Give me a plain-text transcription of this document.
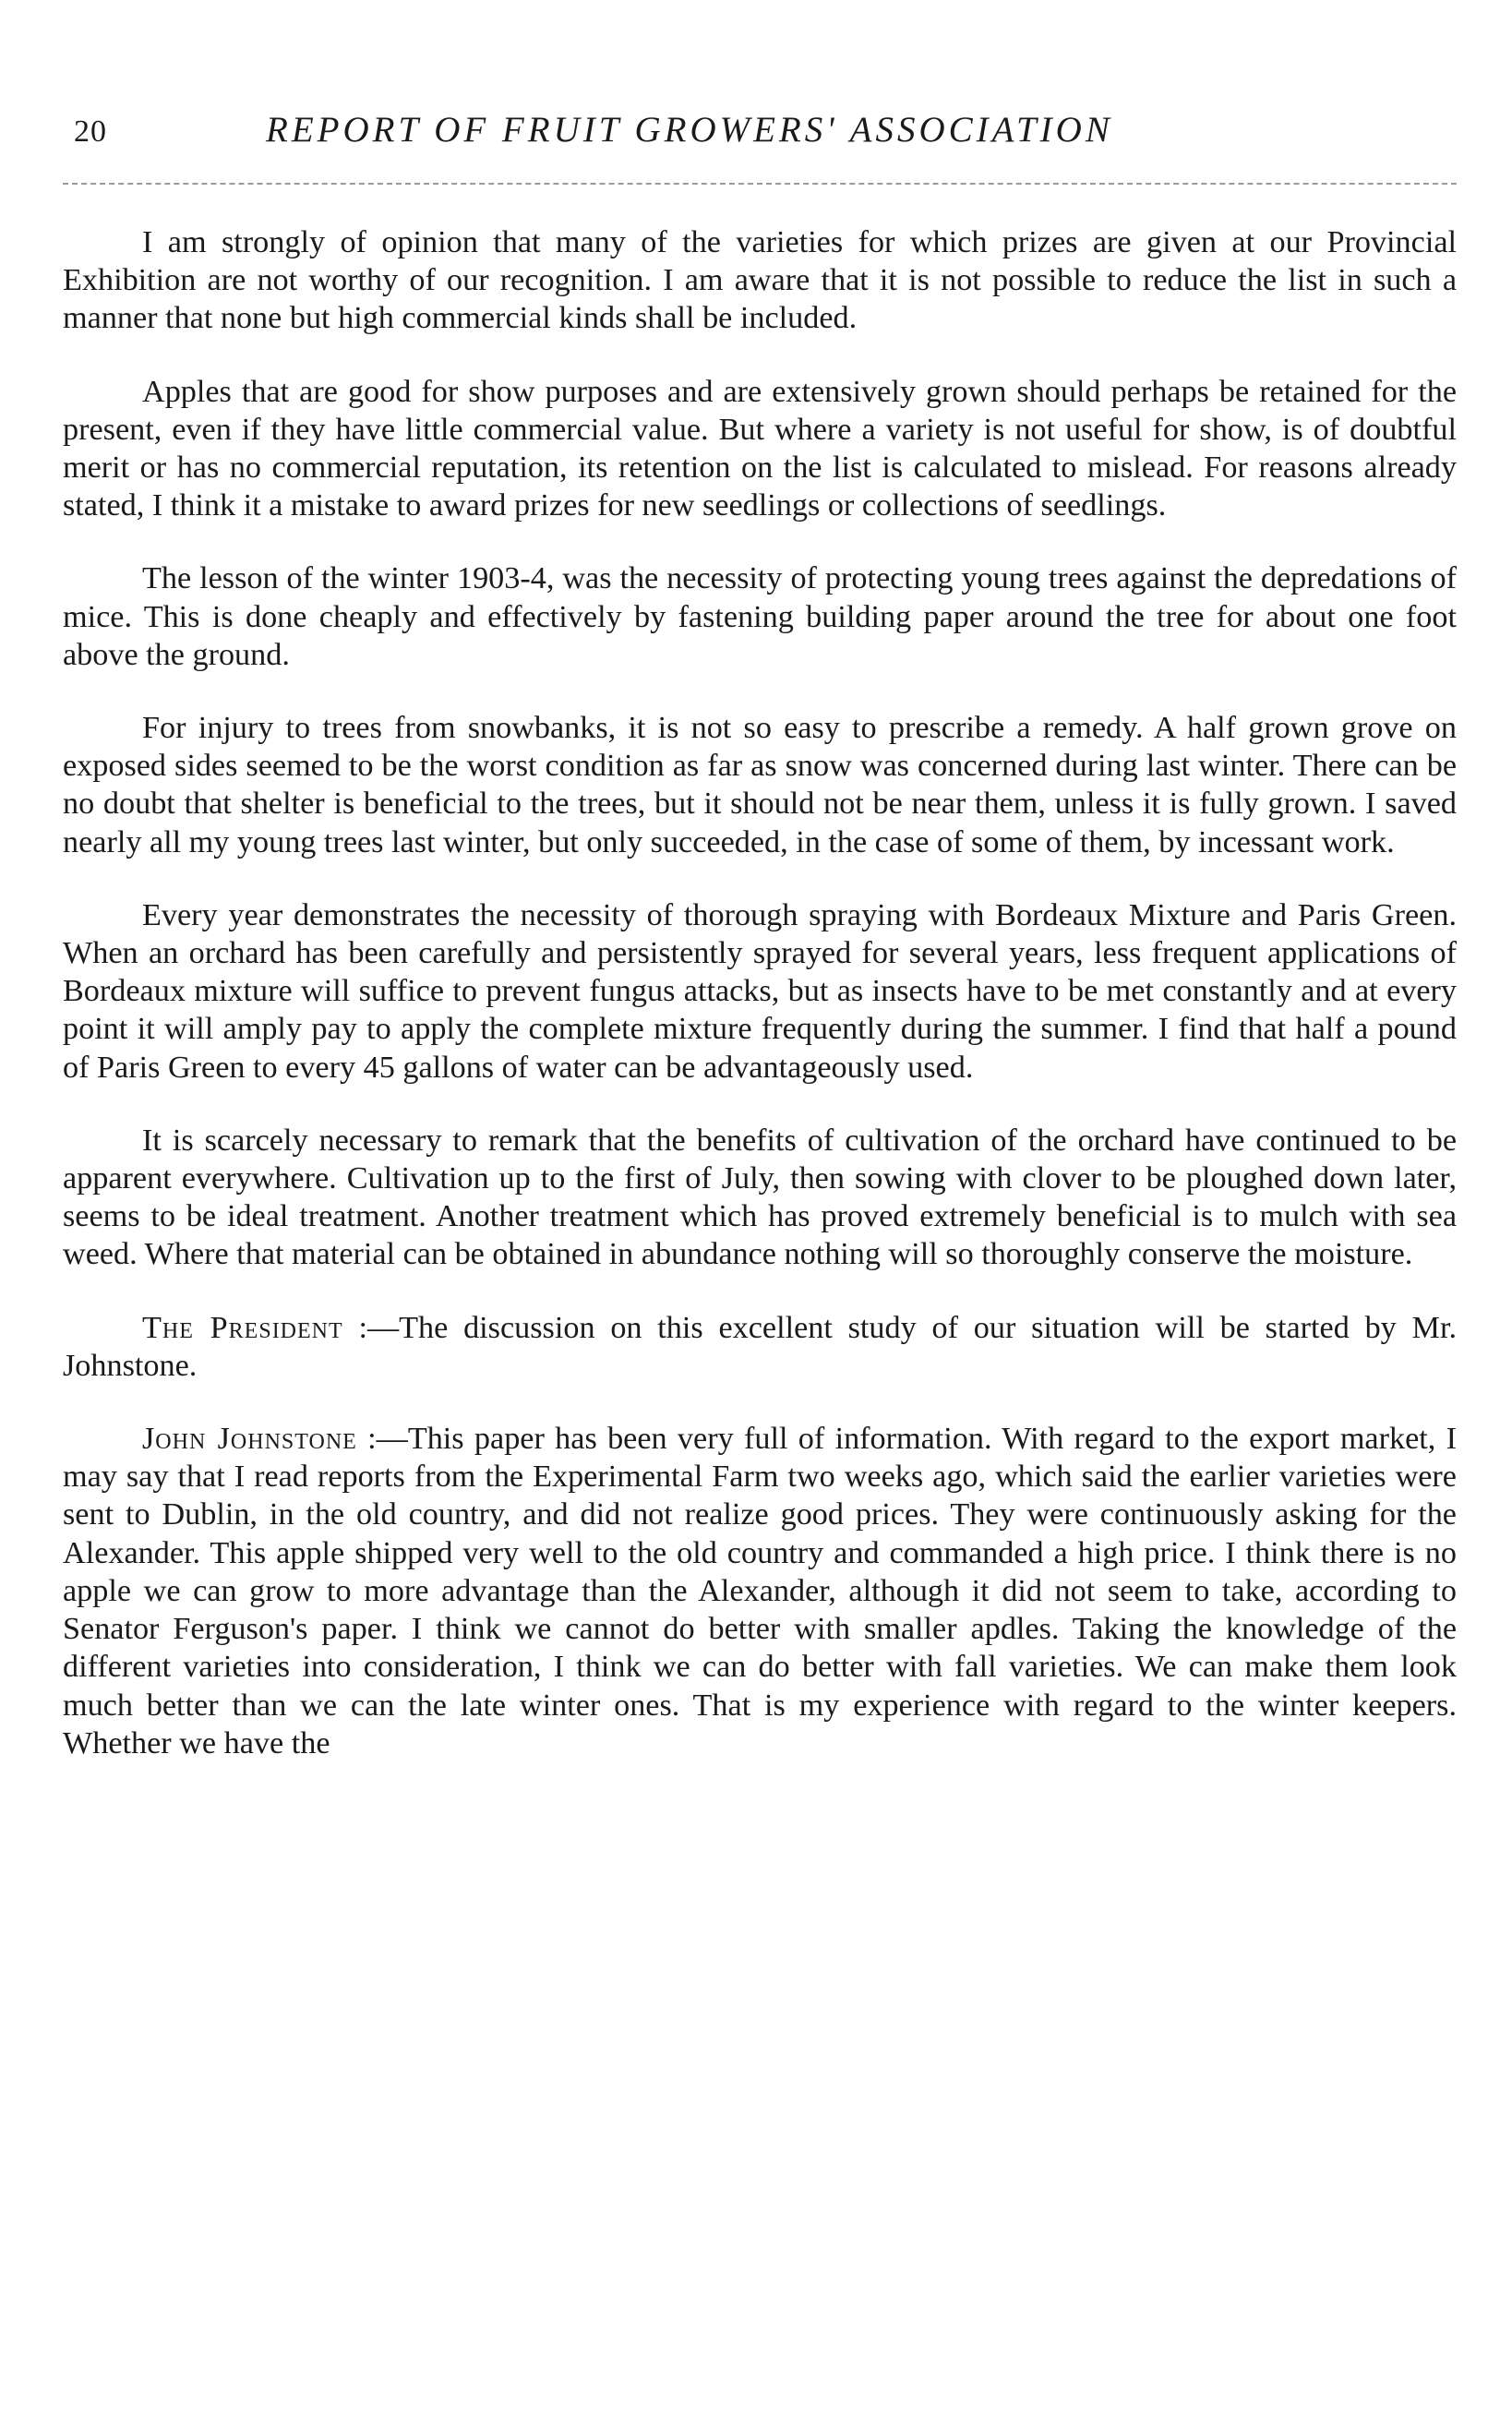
20	REPORT OF FRUIT GROWERS' ASSOCIATION

I am strongly of opinion that many of the varieties for which prizes are given at our Provincial Exhibition are not worthy of our recognition. I am aware that it is not possible to reduce the list in such a manner that none but high commercial kinds shall be included.

Apples that are good for show purposes and are extensively grown should perhaps be retained for the present, even if they have little commercial value. But where a variety is not useful for show, is of doubtful merit or has no commercial reputation, its retention on the list is calculated to mislead. For reasons already stated, I think it a mistake to award prizes for new seedlings or collections of seedlings.

The lesson of the winter 1903-4, was the necessity of protecting young trees against the depredations of mice. This is done cheaply and effectively by fastening building paper around the tree for about one foot above the ground.

For injury to trees from snowbanks, it is not so easy to prescribe a remedy. A half grown grove on exposed sides seemed to be the worst condition as far as snow was concerned during last winter. There can be no doubt that shelter is beneficial to the trees, but it should not be near them, unless it is fully grown. I saved nearly all my young trees last winter, but only succeeded, in the case of some of them, by incessant work.

Every year demonstrates the necessity of thorough spraying with Bordeaux Mixture and Paris Green. When an orchard has been carefully and persistently sprayed for several years, less frequent applications of Bordeaux mixture will suffice to prevent fungus attacks, but as insects have to be met constantly and at every point it will amply pay to apply the complete mixture frequently during the summer. I find that half a pound of Paris Green to every 45 gallons of water can be advantageously used.

It is scarcely necessary to remark that the benefits of cultivation of the orchard have continued to be apparent everywhere. Cultivation up to the first of July, then sowing with clover to be ploughed down later, seems to be ideal treatment. Another treatment which has proved extremely beneficial is to mulch with sea weed. Where that material can be obtained in abundance nothing will so thoroughly conserve the moisture.

The President :—The discussion on this excellent study of our situation will be started by Mr. Johnstone.

John Johnstone :—This paper has been very full of information. With regard to the export market, I may say that I read reports from the Experimental Farm two weeks ago, which said the earlier varieties were sent to Dublin, in the old country, and did not realize good prices. They were continuously asking for the Alexander. This apple shipped very well to the old country and commanded a high price. I think there is no apple we can grow to more advantage than the Alexander, although it did not seem to take, according to Senator Ferguson's paper. I think we cannot do better with smaller apdles. Taking the knowledge of the different varieties into consideration, I think we can do better with fall varieties. We can make them look much better than we can the late winter ones. That is my experience with regard to the winter keepers. Whether we have the
